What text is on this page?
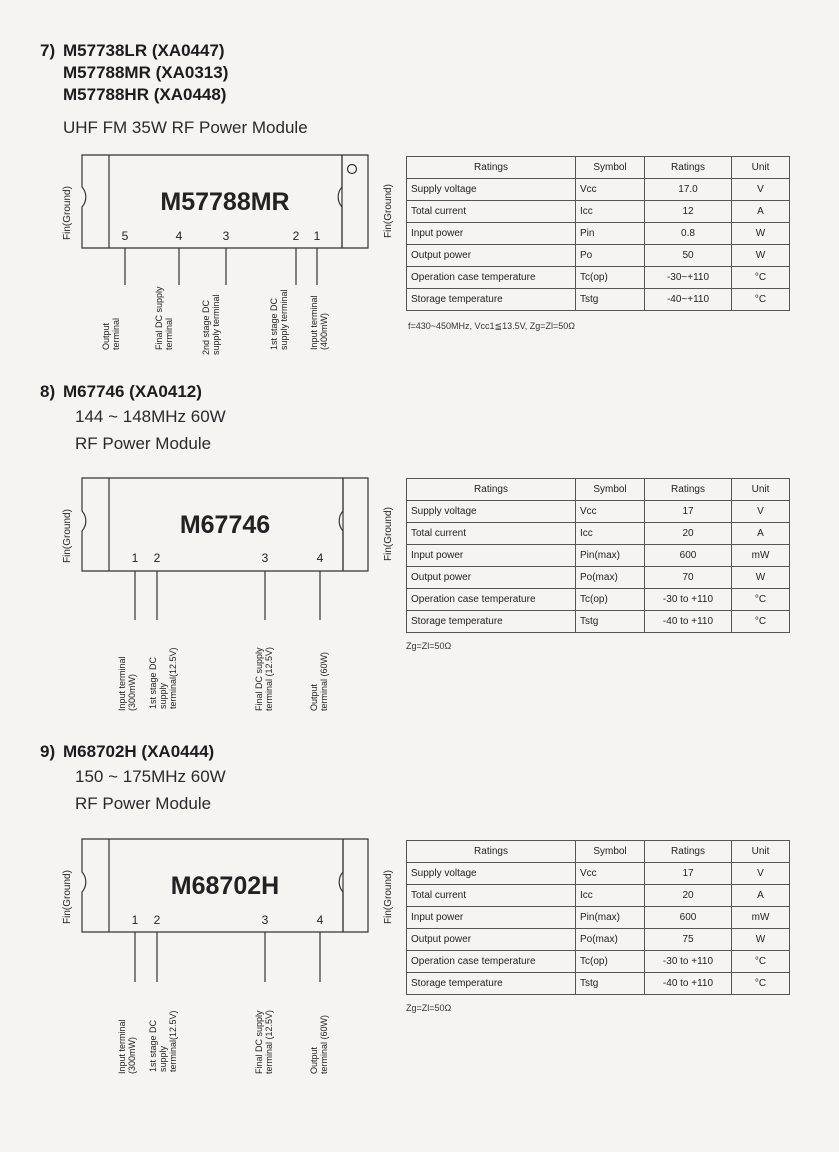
7) M57738LR (XA0447)
M57788MR (XA0313)
M57788HR (XA0448)
UHF FM 35W RF Power Module
Fin(Ground)	M57788MR
5	4	3	2 1
Outputterminal	Final DC supplyterminal	2nd stage DCsupply terminal	1st stage DCsupply terminal Input terminal(400mW)
Fin(Ground)
Ratings	Symbol	Ratings	Unit
Supply voltage	Vcc	17.0	V
Total current	Icc	12	A
Input power	Pin	0.8	W
Output power	Po	50	W
Operation case temperature	Tc(op)	-30~+110	°C
Storage temperature	Tstg	-40~+110	°C
f=430~450MHz, Vcc1≦13.5V, Zg=Zl=50Ω
8) M67746 (XA0412)
144 ~ 148MHz 60W
RF Power Module
Fin(Ground)	M67746
1 2	3	4
Input terminal(300mW) 1st stage DCsupplyterminal(12.5V)	Final DC supplyterminal (12.5V)	Outputterminal (60W)
Fin(Ground)
Ratings	Symbol	Ratings	Unit
Supply voltage	Vcc	17	V
Total current	Icc	20	A
Input power	Pin(max)	600	mW
Output power	Po(max)	70	W
Operation case temperature	Tc(op)	-30 to +110	°C
Storage temperature	Tstg	-40 to +110	°C
Zg=Zl=50Ω
9) M68702H (XA0444)
150 ~ 175MHz 60W
RF Power Module
Fin(Ground)	M68702H
1 2	3	4
Input terminal(300mW) 1st stage DCsupplyterminal(12.5V)	Final DC supplyterminal (12.5V)	Outputterminal (60W)
Fin(Ground)
Ratings	Symbol	Ratings	Unit
Supply voltage	Vcc	17	V
Total current	Icc	20	A
Input power	Pin(max)	600	mW
Output power	Po(max)	75	W
Operation case temperature	Tc(op)	-30 to +110	°C
Storage temperature	Tstg	-40 to +110	°C
Zg=Zl=50Ω
